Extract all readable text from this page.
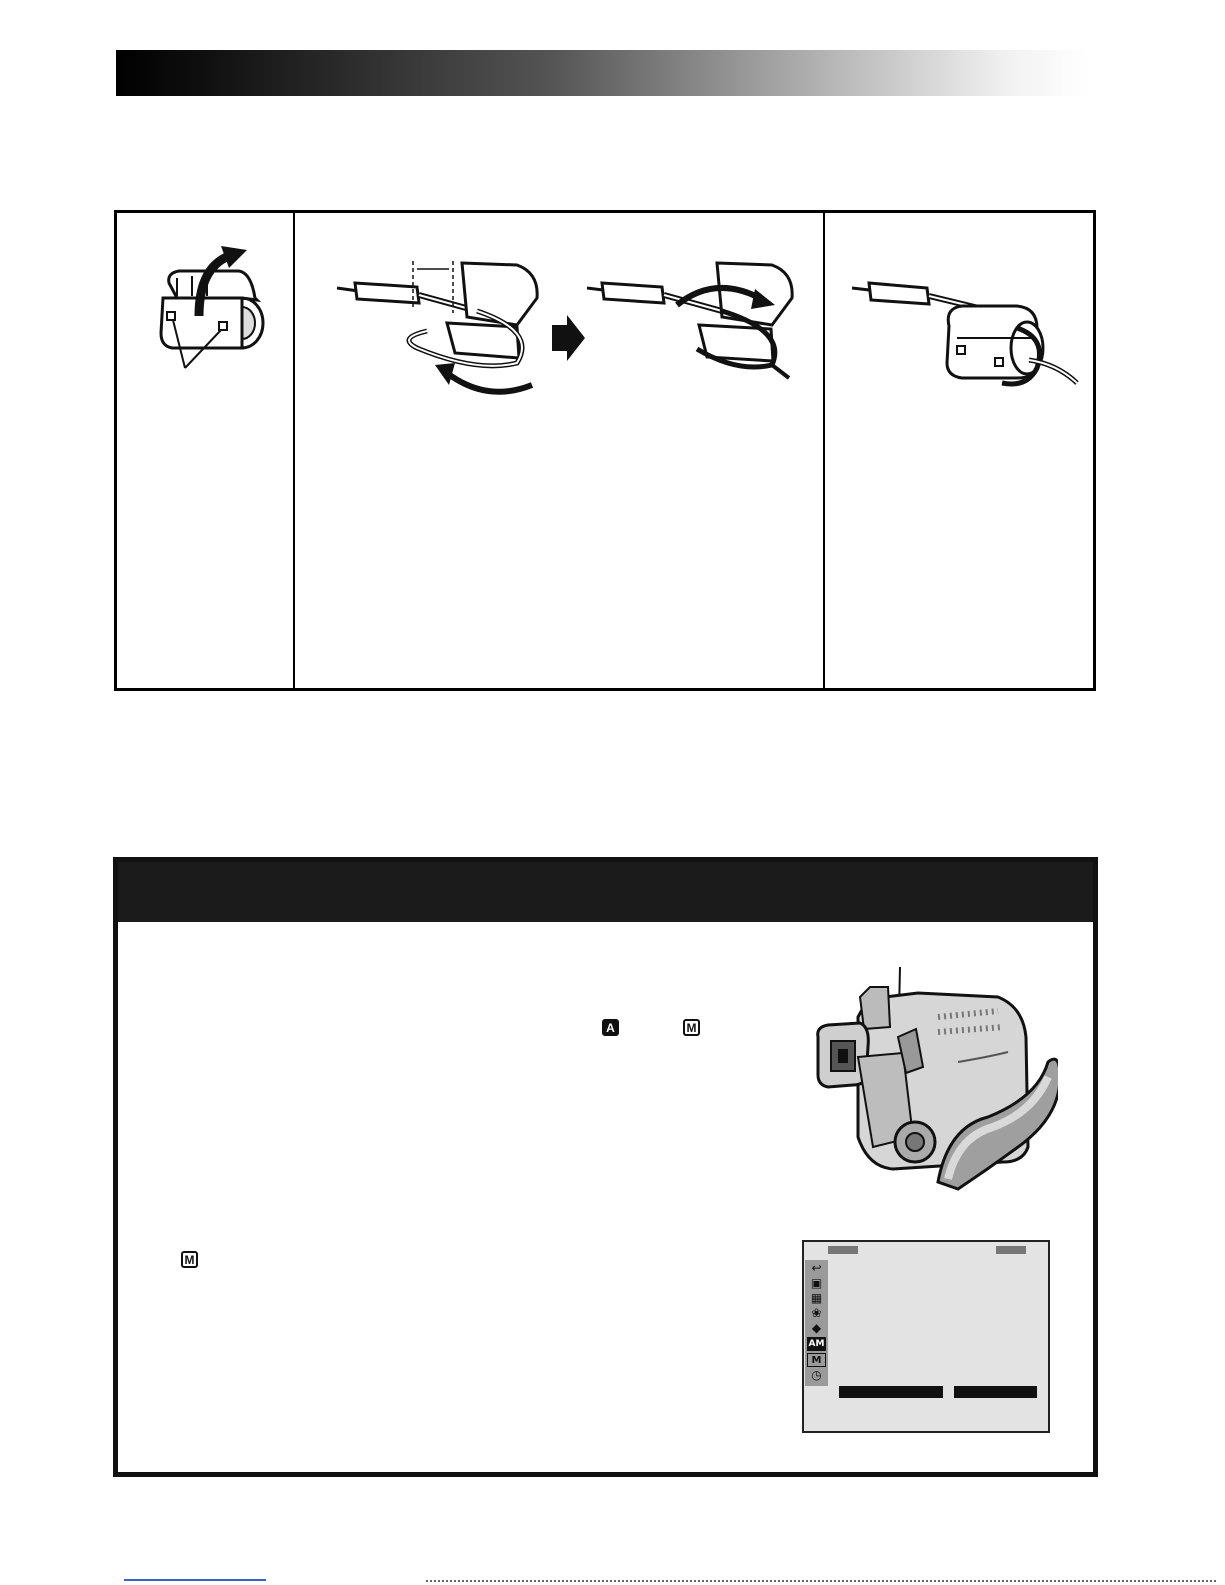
A	M
M
↩
▣
▦
❀
◆
AM
M
◷
